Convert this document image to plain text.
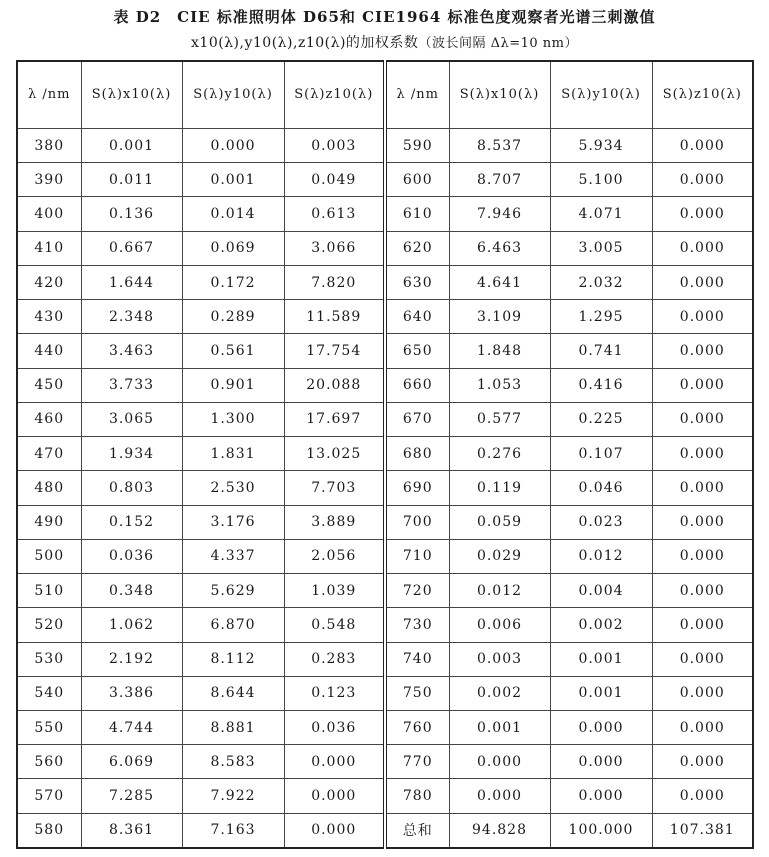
表 D2　CIE 标准照明体 D65和 CIE1964 标准色度观察者光谱三刺激值
x10(λ),y10(λ),z10(λ)的加权系数（波长间隔 Δλ=10 nm）
λ /nm	S(λ)x10(λ)	S(λ)y10(λ)	S(λ)z10(λ)	λ /nm	S(λ)x10(λ)	S(λ)y10(λ)	S(λ)z10(λ)
380	0.001	0.000	0.003	590	8.537	5.934	0.000
390	0.011	0.001	0.049	600	8.707	5.100	0.000
400	0.136	0.014	0.613	610	7.946	4.071	0.000
410	0.667	0.069	3.066	620	6.463	3.005	0.000
420	1.644	0.172	7.820	630	4.641	2.032	0.000
430	2.348	0.289	11.589	640	3.109	1.295	0.000
440	3.463	0.561	17.754	650	1.848	0.741	0.000
450	3.733	0.901	20.088	660	1.053	0.416	0.000
460	3.065	1.300	17.697	670	0.577	0.225	0.000
470	1.934	1.831	13.025	680	0.276	0.107	0.000
480	0.803	2.530	7.703	690	0.119	0.046	0.000
490	0.152	3.176	3.889	700	0.059	0.023	0.000
500	0.036	4.337	2.056	710	0.029	0.012	0.000
510	0.348	5.629	1.039	720	0.012	0.004	0.000
520	1.062	6.870	0.548	730	0.006	0.002	0.000
530	2.192	8.112	0.283	740	0.003	0.001	0.000
540	3.386	8.644	0.123	750	0.002	0.001	0.000
550	4.744	8.881	0.036	760	0.001	0.000	0.000
560	6.069	8.583	0.000	770	0.000	0.000	0.000
570	7.285	7.922	0.000	780	0.000	0.000	0.000
580	8.361	7.163	0.000	总和	94.828	100.000	107.381
